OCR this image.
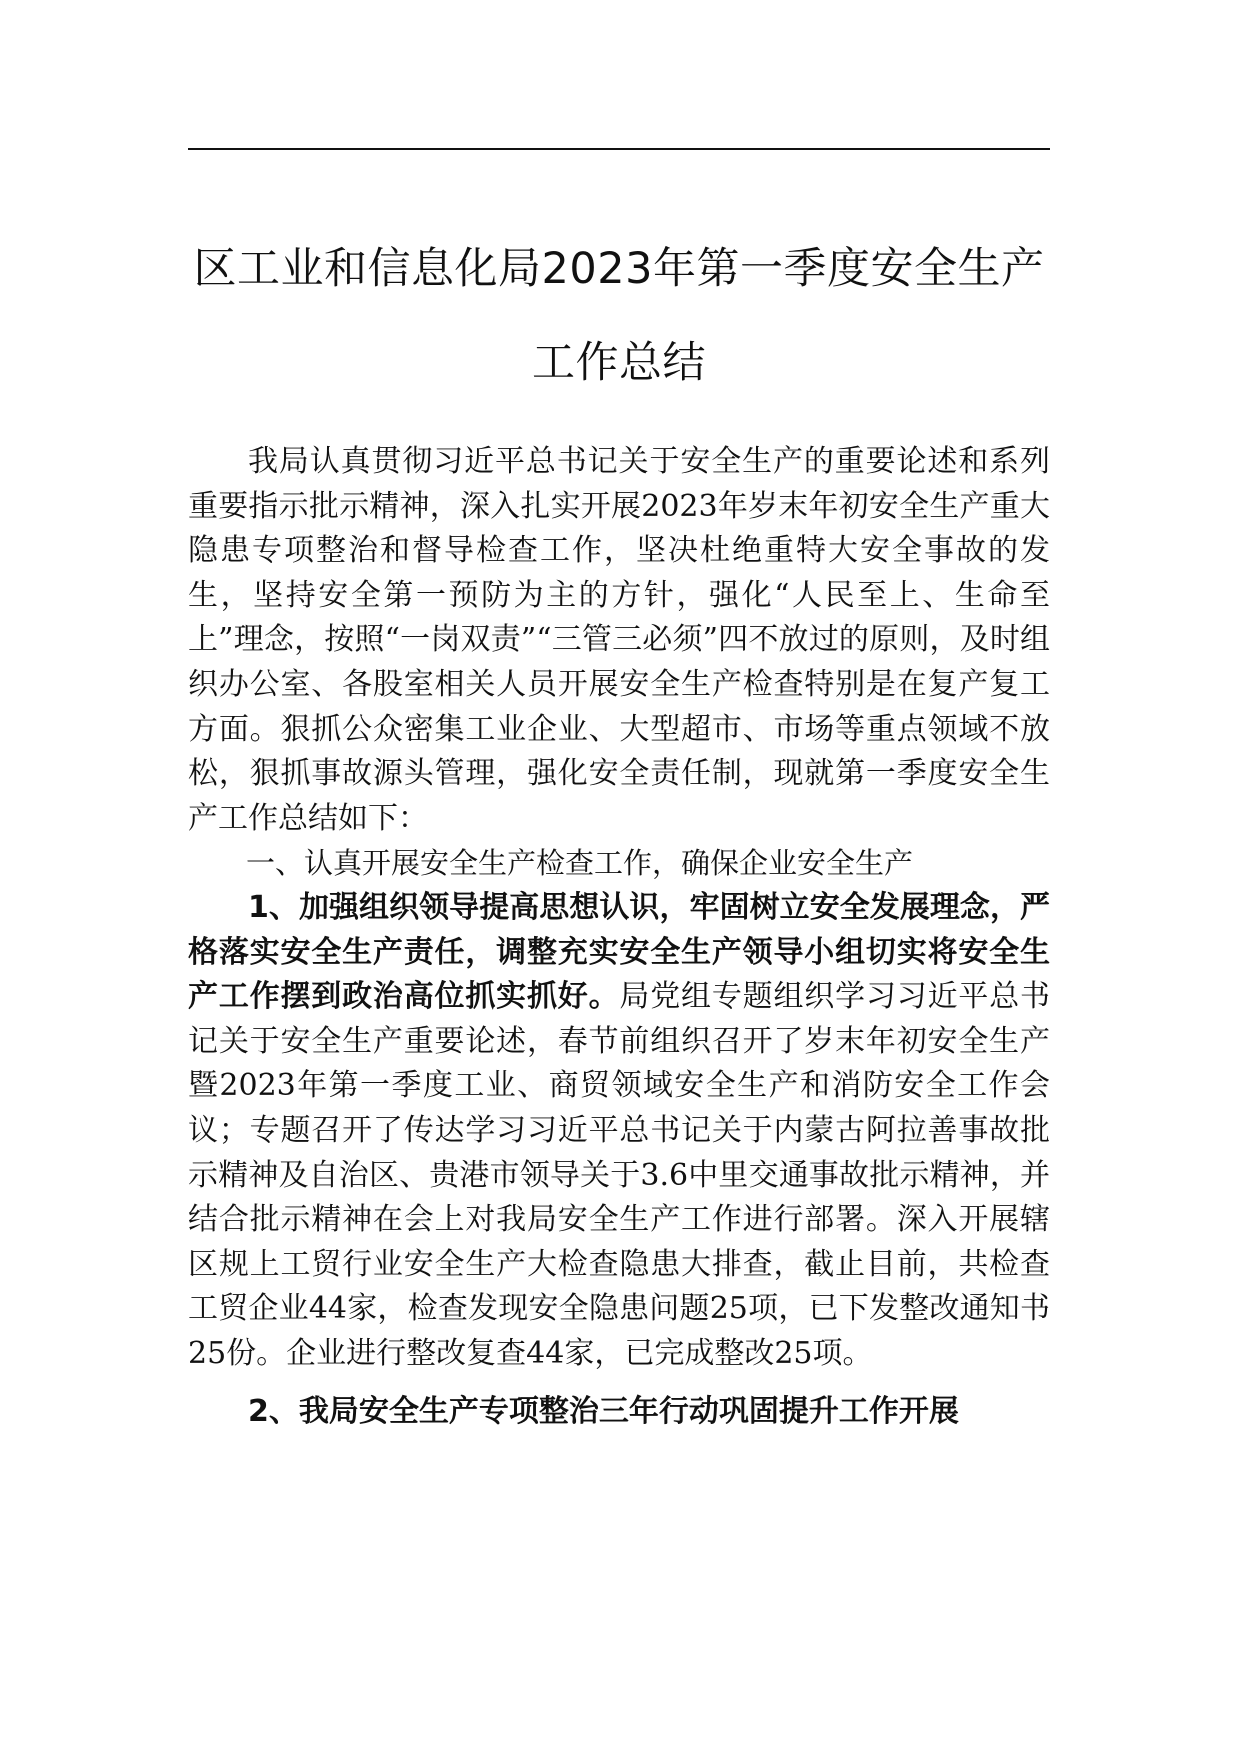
区工业和信息化局2023年第一季度安全生产工作总结

我局认真贯彻习近平总书记关于安全生产的重要论述和系列重要指示批示精神，深入扎实开展2023年岁末年初安全生产重大隐患专项整治和督导检查工作，坚决杜绝重特大安全事故的发生，坚持安全第一预防为主的方针，强化“人民至上、生命至上”理念，按照“一岗双责”“三管三必须”四不放过的原则，及时组织办公室、各股室相关人员开展安全生产检查特别是在复产复工方面。狠抓公众密集工业企业、大型超市、市场等重点领域不放松，狠抓事故源头管理，强化安全责任制，现就第一季度安全生产工作总结如下：

一、认真开展安全生产检查工作，确保企业安全生产

1、加强组织领导提高思想认识，牢固树立安全发展理念，严格落实安全生产责任，调整充实安全生产领导小组切实将安全生产工作摆到政治高位抓实抓好。局党组专题组织学习习近平总书记关于安全生产重要论述，春节前组织召开了岁末年初安全生产暨2023年第一季度工业、商贸领域安全生产和消防安全工作会议；专题召开了传达学习习近平总书记关于内蒙古阿拉善事故批示精神及自治区、贵港市领导关于3.6中里交通事故批示精神，并结合批示精神在会上对我局安全生产工作进行部署。深入开展辖区规上工贸行业安全生产大检查隐患大排查，截止目前，共检查工贸企业44家，检查发现安全隐患问题25项，已下发整改通知书25份。企业进行整改复查44家，已完成整改25项。

2、我局安全生产专项整治三年行动巩固提升工作开展
